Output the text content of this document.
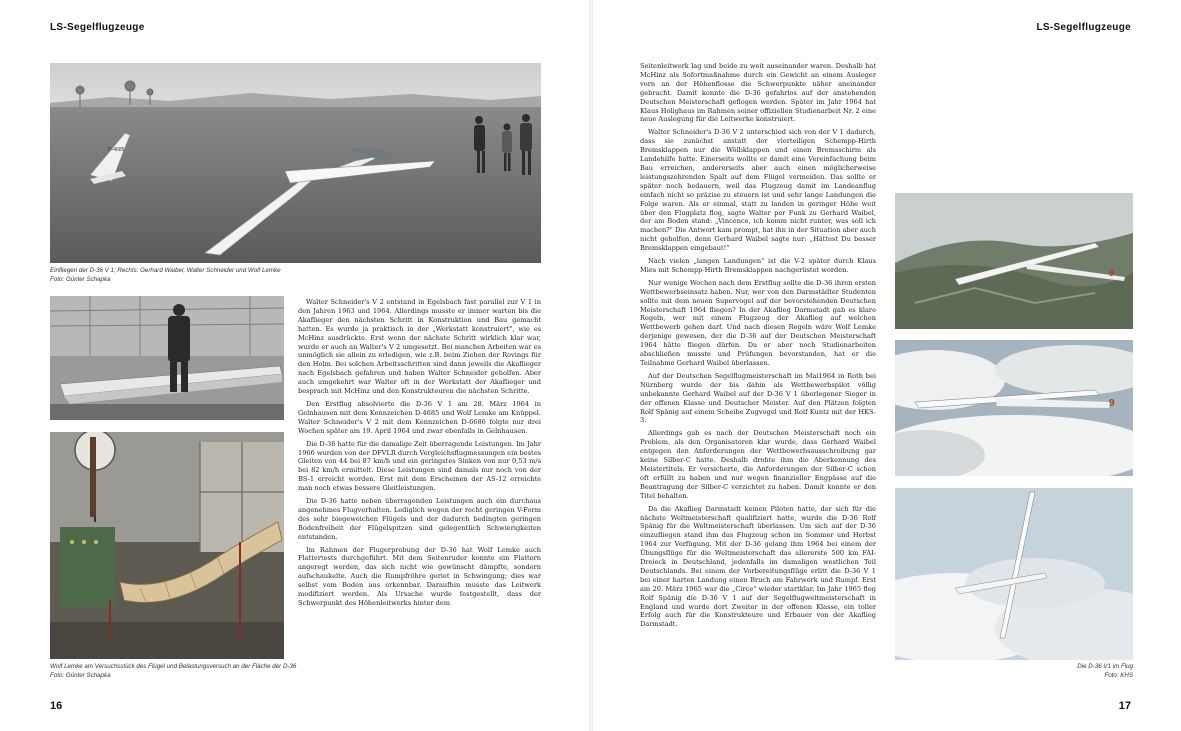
LS-Segelflugzeuge	LS-Segelflugzeuge
D-4685
Einfliegen der D-36 V 1; Rechts: Gerhard Waibel, Walter Schneider und Wolf Lemke
Foto: Günter Schapka
Wolf Lemke am Versuchsstück des Flügel und Belastungsversuch an der Fläche der D-36
Foto: Günter Schapka

Walter Schneider's V 2 entstand in Egelsbach fast parallel zur V 1 in den Jahren 1963 und 1964. Allerdings musste er immer warten bis die Akaflieger den nächsten Schritt in Konstruktion und Bau gemacht hatten. Es wurde ja praktisch in der „Werkstatt konstruiert", wie es McHinz ausdrückte. Erst wenn der nächste Schritt wirklich klar war, wurde er auch an Walter's V 2 umgesetzt. Bei manchen Arbeiten war es unmöglich sie allein zu erledigen, wie z.B. beim Ziehen der Rovings für den Holm. Bei solchen Arbeitsschritten sind dann jeweils die Akaflieger nach Egelsbach gefahren und haben Walter Schneider geholfen. Aber auch umgekehrt war Walter oft in der Werkstatt der Akaflieger und besprach mit McHinz und den Konstrukteuren die nächsten Schritte.

Den Erstflug absolvierte die D-36 V 1 am 28. März 1964 in Gelnhausen mit dem Kennzeichen D-4685 und Wolf Lemke am Knüppel. Walter Schneider's V 2 mit dem Kennzeichen D-6686 folgte nur drei Wochen später am 19. April 1964 und zwar ebenfalls in Gelnhausen.

Die D-36 hatte für die damalige Zeit überragende Leistungen. Im Jahr 1966 wurden von der DFVLR durch Vergleichsflugmessungen ein bestes Gleiten von 44 bei 87 km/h und ein geringstes Sinken von nur 0,53 m/s bei 82 km/h ermittelt. Diese Leistungen sind damals nur noch von der BS-1 erreicht worden. Erst mit dem Erscheinen der AS-12 erreichte man noch etwas bessere Gleitleistungen.

Die D-36 hatte neben überragenden Leistungen auch ein durchaus angenehmes Flugverhalten. Lediglich wegen der recht geringen V-Form des sehr biegeweichen Flügels und der dadurch bedingten geringen Bodenfreiheit der Flügelspitzen sind gelegentlich Schwierigkeiten entstanden.

Im Rahmen der Flugerprobung der D-36 hat Wolf Lemke auch Flattertests durchgeführt. Mit dem Seitenruder konnte ein Flattern angeregt werden, das sich nicht wie gewünscht dämpfte, sondern aufschaukelte. Auch die Rumpfröhre geriet in Schwingung; dies war selbst vom Boden aus erkennbar. Daraufhin musste das Leitwerk modifiziert werden. Als Ursache wurde festgestellt, dass der Schwerpunkt des Höhenleitwerks hinter dem

Seitenleitwerk lag und beide zu weit auseinander waren. Deshalb hat McHinz als Sofortmaßnahme durch ein Gewicht an einem Ausleger vorn an der Höhenflosse die Schwerpunkte näher aneinander gebracht. Damit konnte die D-36 gefahrlos auf der anstehenden Deutschen Meisterschaft geflogen werden. Später im Jahr 1964 hat Klaus Holighaus im Rahmen seiner offiziellen Studienarbeit Nr. 2 eine neue Auslegung für die Leitwerke konstruiert.

Walter Schneider's D-36 V 2 unterschied sich von der V 1 dadurch, dass sie zunächst anstatt der vierteiligen Schempp-Hirth Bremsklappen nur die Wölbklappen und einen Bremsschirm als Landehilfe hatte. Einerseits wollte er damit eine Vereinfachung beim Bau erreichen, andererseits aber auch einen möglicherweise leistungszehrenden Spalt auf dem Flügel vermeiden. Das sollte er später noch bedauern, weil das Flugzeug damit im Landeanflug einfach nicht so präzise zu steuern ist und sehr lange Landungen die Folge waren. Als er einmal, statt zu landen in geringer Höhe weit über den Flugplatz flog, sagte Walter per Funk zu Gerhard Waibel, der am Boden stand: „Vincence, ich komm nicht runter, was soll ich machen?" Die Antwort kam prompt, hat ihn in der Situation aber auch nicht geholfen, denn Gerhard Waibel sagte nur: „Hättest Du besser Bremsklappen eingebaut!"

Nach vielen „langen Landungen" ist die V-2 später durch Klaus Mies mit Schempp-Hirth Bremsklappen nachgerüstet worden.

Nur wenige Wochen nach dem Erstflug sollte die D-36 ihren ersten Wettbewerbseinsatz haben. Nur, wer von den Darmstädter Studenten sollte mit dem neuen Supervogel auf der bevorstehenden Deutschen Meisterschaft 1964 fliegen? In der Akaflieg Darmstadt gab es klare Regeln, wer mit einem Flugzeug der Akaflieg auf welchen Wettbewerb gehen darf. Und nach diesen Regeln wäre Wolf Lemke derjenige gewesen, der die D-36 auf der Deutschen Meisterschaft 1964 hätte fliegen dürfen. Da er aber noch Studienarbeiten abschließen musste und Prüfungen bevorstanden, hat er die Teilnahme Gerhard Waibel überlassen.

Auf der Deutschen Segelflugmeisterschaft im Mai1964 in Roth bei Nürnberg wurde der bis dahin als Wettbewerbspilot völlig unbekannte Gerhard Waibel auf der D-36 V 1 überlegener Sieger in der offenen Klasse und Deutscher Meister. Auf den Plätzen folgten Rolf Spänig auf einem Scheibe Zugvogel und Rolf Kuntz mit der HKS-3.

Allerdings gab es nach der Deutschen Meisterschaft noch ein Problem, als den Organisatoren klar wurde, dass Gerhard Waibel entgegen den Anforderungen der Wettbewerbsausschreibung gar keine Silber-C hatte. Deshalb drohte ihm die Aberkennung des Meistertitels. Er versicherte, die Anforderungen der Silber-C schon oft erfüllt zu haben und nur wegen finanzieller Engpässe auf die Beantragung der Silber-C verzichtet zu haben. Damit konnte er den Titel behalten.

Da die Akaflieg Darmstadt keinen Piloten hatte, der sich für die nächste Weltmeisterschaft qualifiziert hatte, wurde die D-36 Rolf Spänig für die Weltmeisterschaft überlassen. Um sich auf der D-36 einzufliegen stand ihm das Flugzeug schon im Sommer und Herbst 1964 zur Verfügung. Mit der D-36 gelang ihm 1964 bei einem der Übungsflüge für die Weltmeisterschaft das allererste 500 km FAI-Dreieck in Deutschland, jedenfalls im damaligen westlichen Teil Deutschlands. Bei einem der Vorbereitungsflüge erlitt die D-36 V 1 bei einer harten Landung einen Bruch am Fahrwerk und Rumpf. Erst am 20. März 1965 war die „Circe" wieder startklar. Im Jahr 1965 flog Rolf Spänig die D-36 V 1 auf der Segelflugweltmeisterschaft in England und wurde dort Zweiter in der offenen Klasse, ein toller Erfolg auch für die Konstrukteure und Erbauer von der Akaflieg Darmstadt.

9
9
Die D-36 V1 im Flug
Foto: KHS
16	17
